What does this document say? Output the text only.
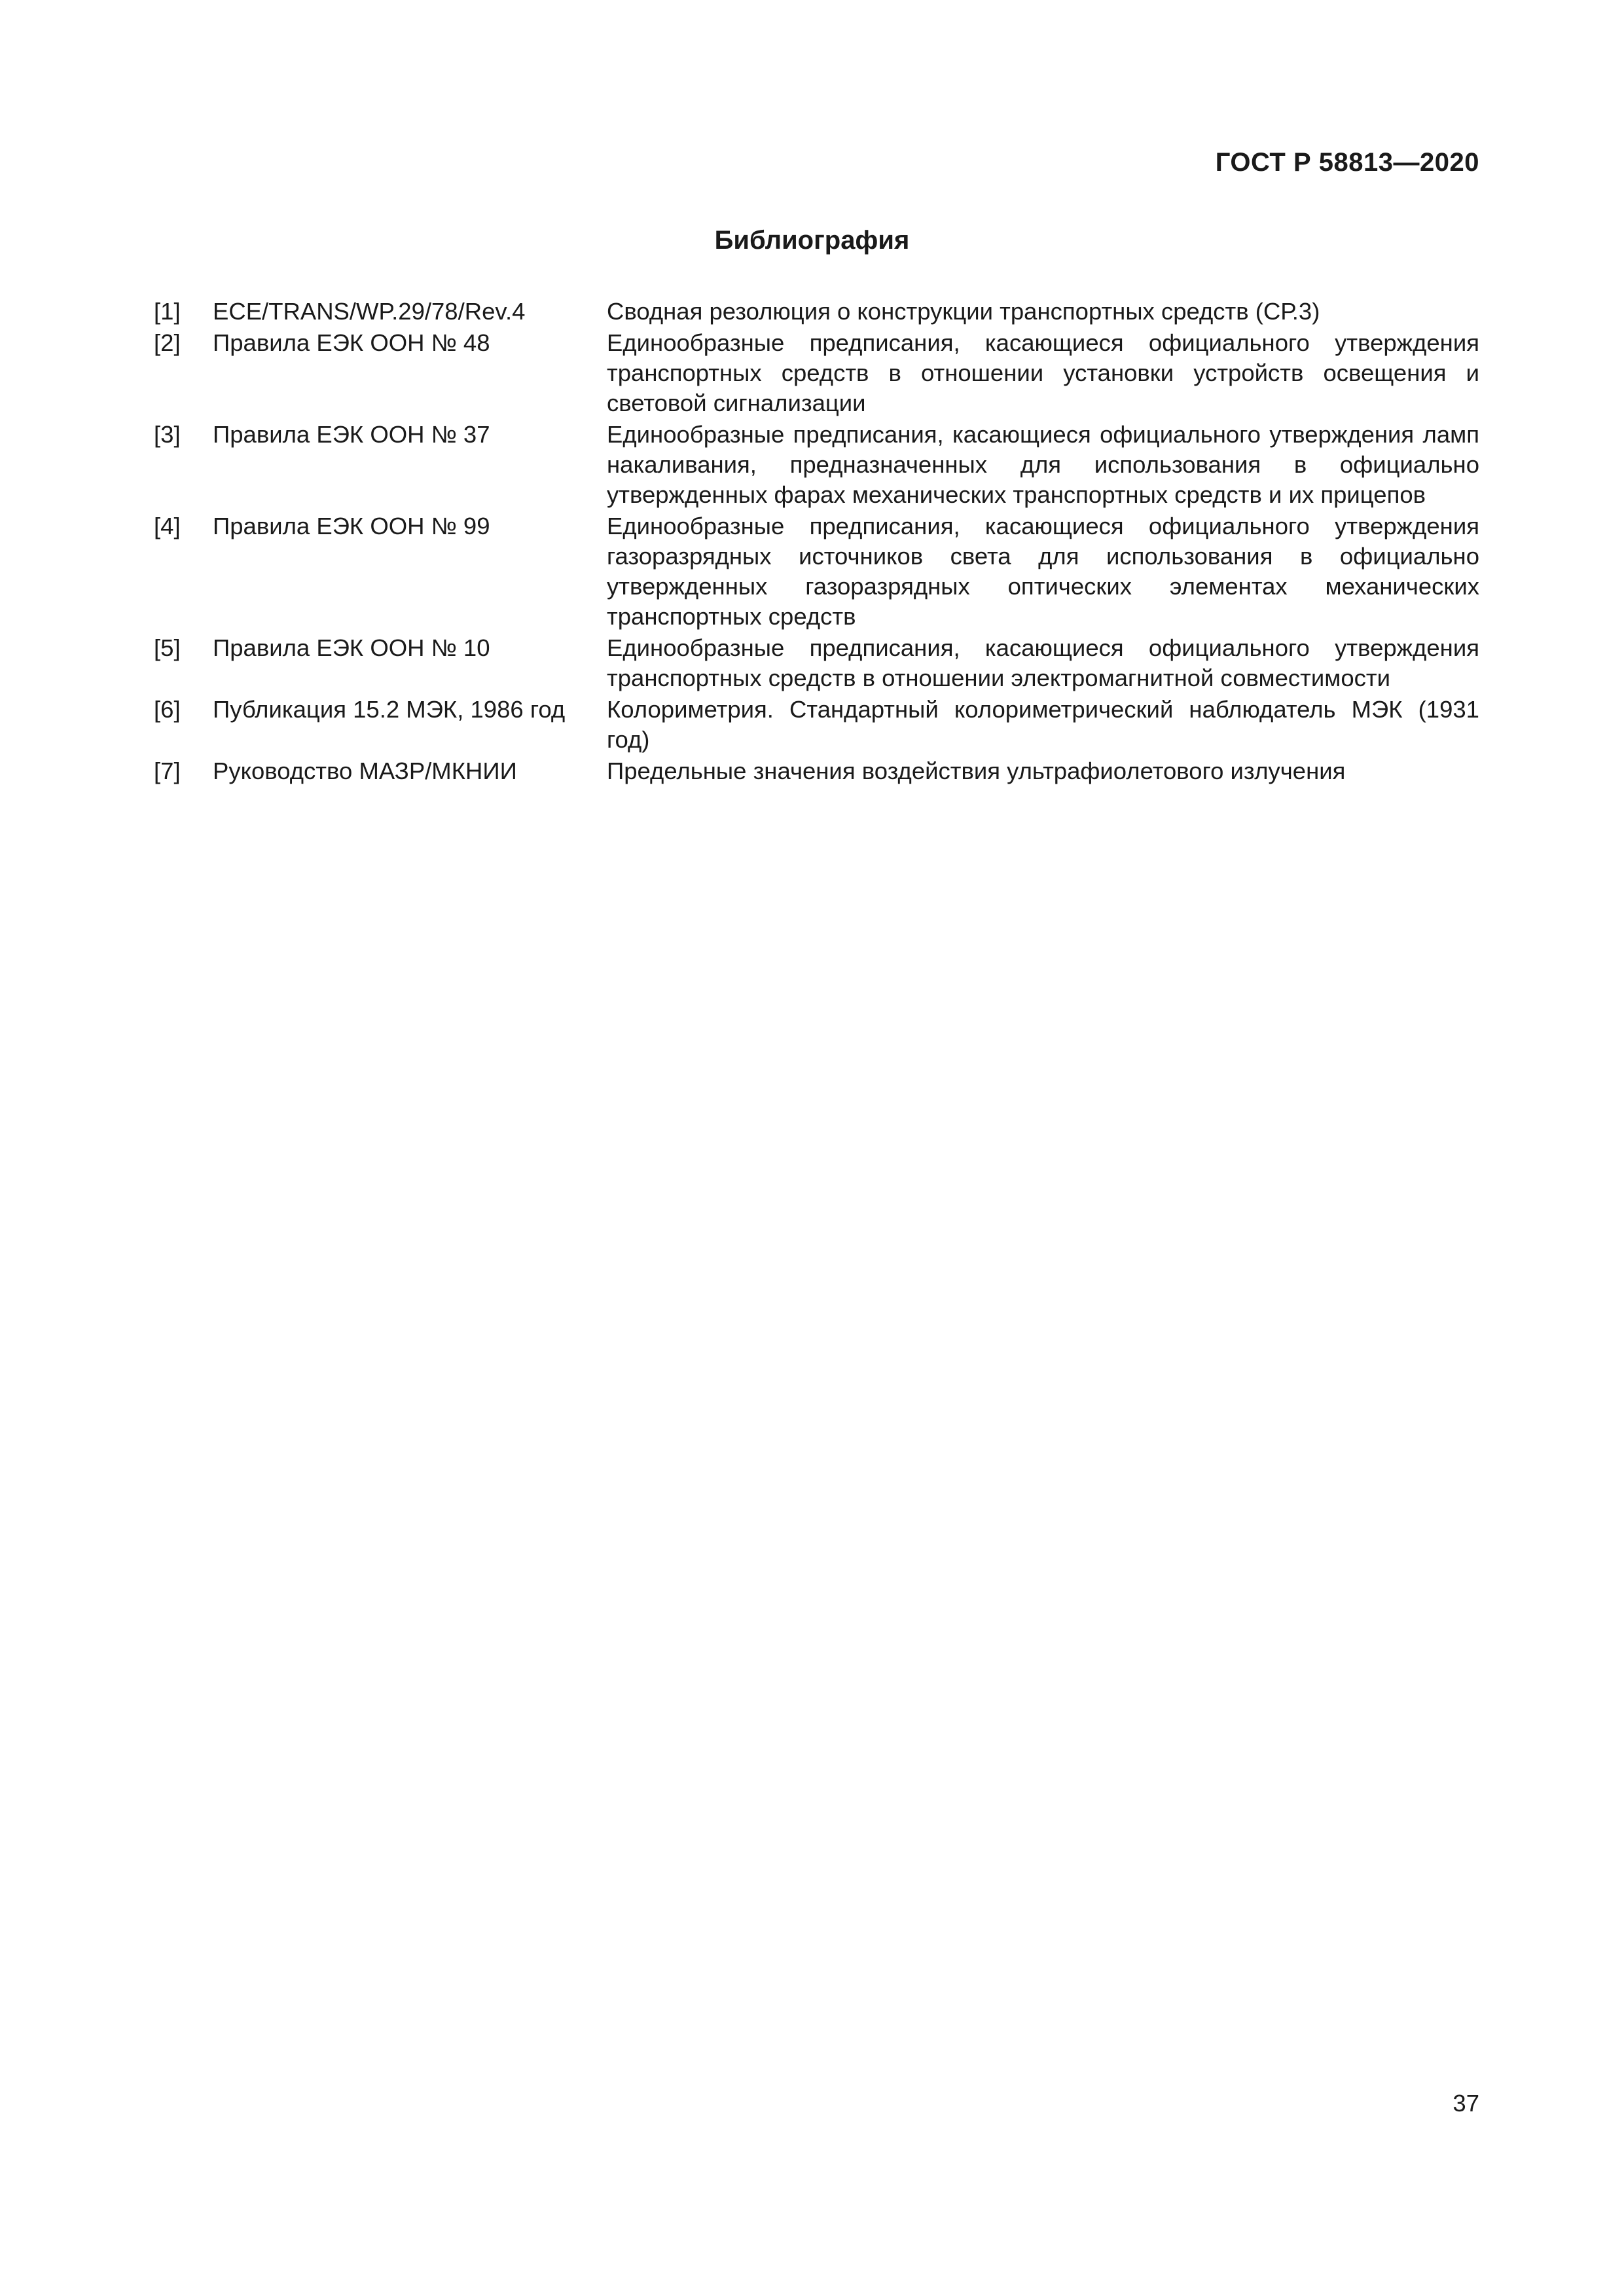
ГОСТ Р 58813—2020
Библиография
[1]	ECE/TRANS/WP.29/78/Rev.4	Сводная резолюция о конструкции транспортных средств (СР.3)
[2]	Правила ЕЭК ООН № 48	Единообразные предписания, касающиеся официального утверждения транспортных средств в отношении установки устройств освещения и световой сигнализации
[3]	Правила ЕЭК ООН № 37	Единообразные предписания, касающиеся официального утверждения ламп накаливания, предназначенных для использования в официально утвержденных фарах механических транспортных средств и их прицепов
[4]	Правила ЕЭК ООН № 99	Единообразные предписания, касающиеся официального утверждения газоразрядных источников света для использования в официально утвержденных газоразрядных оптических элементах механических транспортных средств
[5]	Правила ЕЭК ООН № 10	Единообразные предписания, касающиеся официального утверждения транспортных средств в отношении электромагнитной совместимости
[6]	Публикация 15.2 МЭК, 1986 год	Колориметрия. Стандартный колориметрический наблюдатель МЭК (1931 год)
[7]	Руководство МАЗР/МКНИИ	Предельные значения воздействия ультрафиолетового излучения
37
